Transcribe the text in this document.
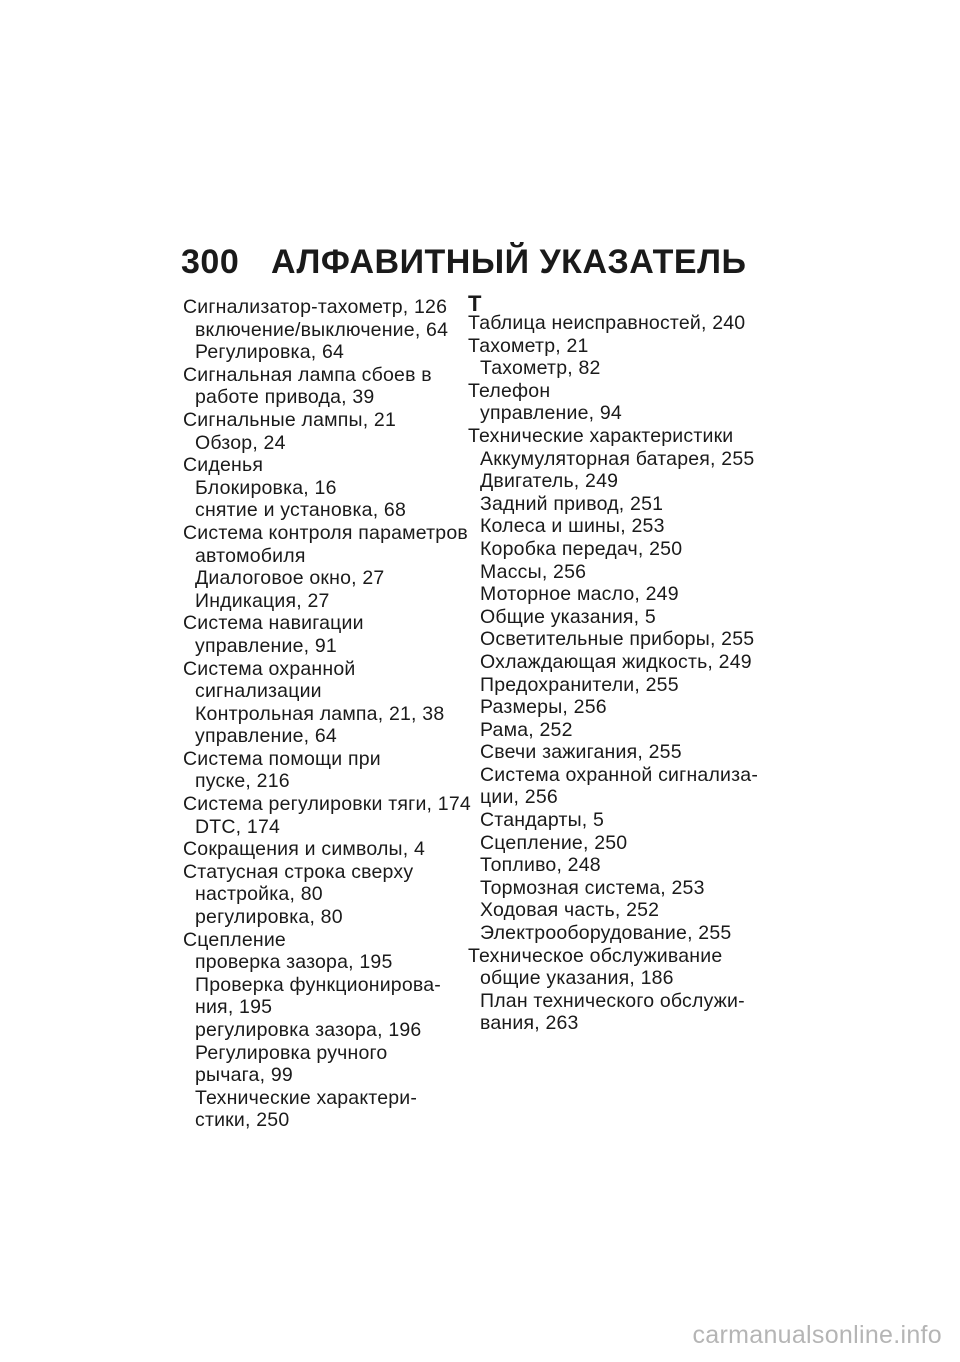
300 АЛФАВИТНЫЙ УКАЗАТЕЛЬ
Сигнализатор-тахометр, 126
включение/выключение, 64
Регулировка, 64
Сигнальная лампа сбоев в
работе привода, 39
Сигнальные лампы, 21
Обзор, 24
Сиденья
Блокировка, 16
снятие и установка, 68
Система контроля параметров
автомобиля
Диалоговое окно, 27
Индикация, 27
Система навигации
управление, 91
Система охранной
сигнализации
Контрольная лампа, 21, 38
управление, 64
Система помощи при
пуске, 216
Система регулировки тяги, 174
DTC, 174
Сокращения и символы, 4
Статусная строка сверху
настройка, 80
регулировка, 80
Сцепление
проверка зазора, 195
Проверка функционирова-
ния, 195
регулировка зазора, 196
Регулировка ручного
рычага, 99
Технические характери-
стики, 250
Т
Таблица неисправностей, 240
Тахометр, 21
Тахометр, 82
Телефон
управление, 94
Технические характеристики
Аккумуляторная батарея, 255
Двигатель, 249
Задний привод, 251
Колеса и шины, 253
Коробка передач, 250
Массы, 256
Моторное масло, 249
Общие указания, 5
Осветительные приборы, 255
Охлаждающая жидкость, 249
Предохранители, 255
Размеры, 256
Рама, 252
Свечи зажигания, 255
Система охранной сигнализа-
ции, 256
Стандарты, 5
Сцепление, 250
Топливо, 248
Тормозная система, 253
Ходовая часть, 252
Электрооборудование, 255
Техническое обслуживание
общие указания, 186
План технического обслужи-
вания, 263
carmanualsonline.info
